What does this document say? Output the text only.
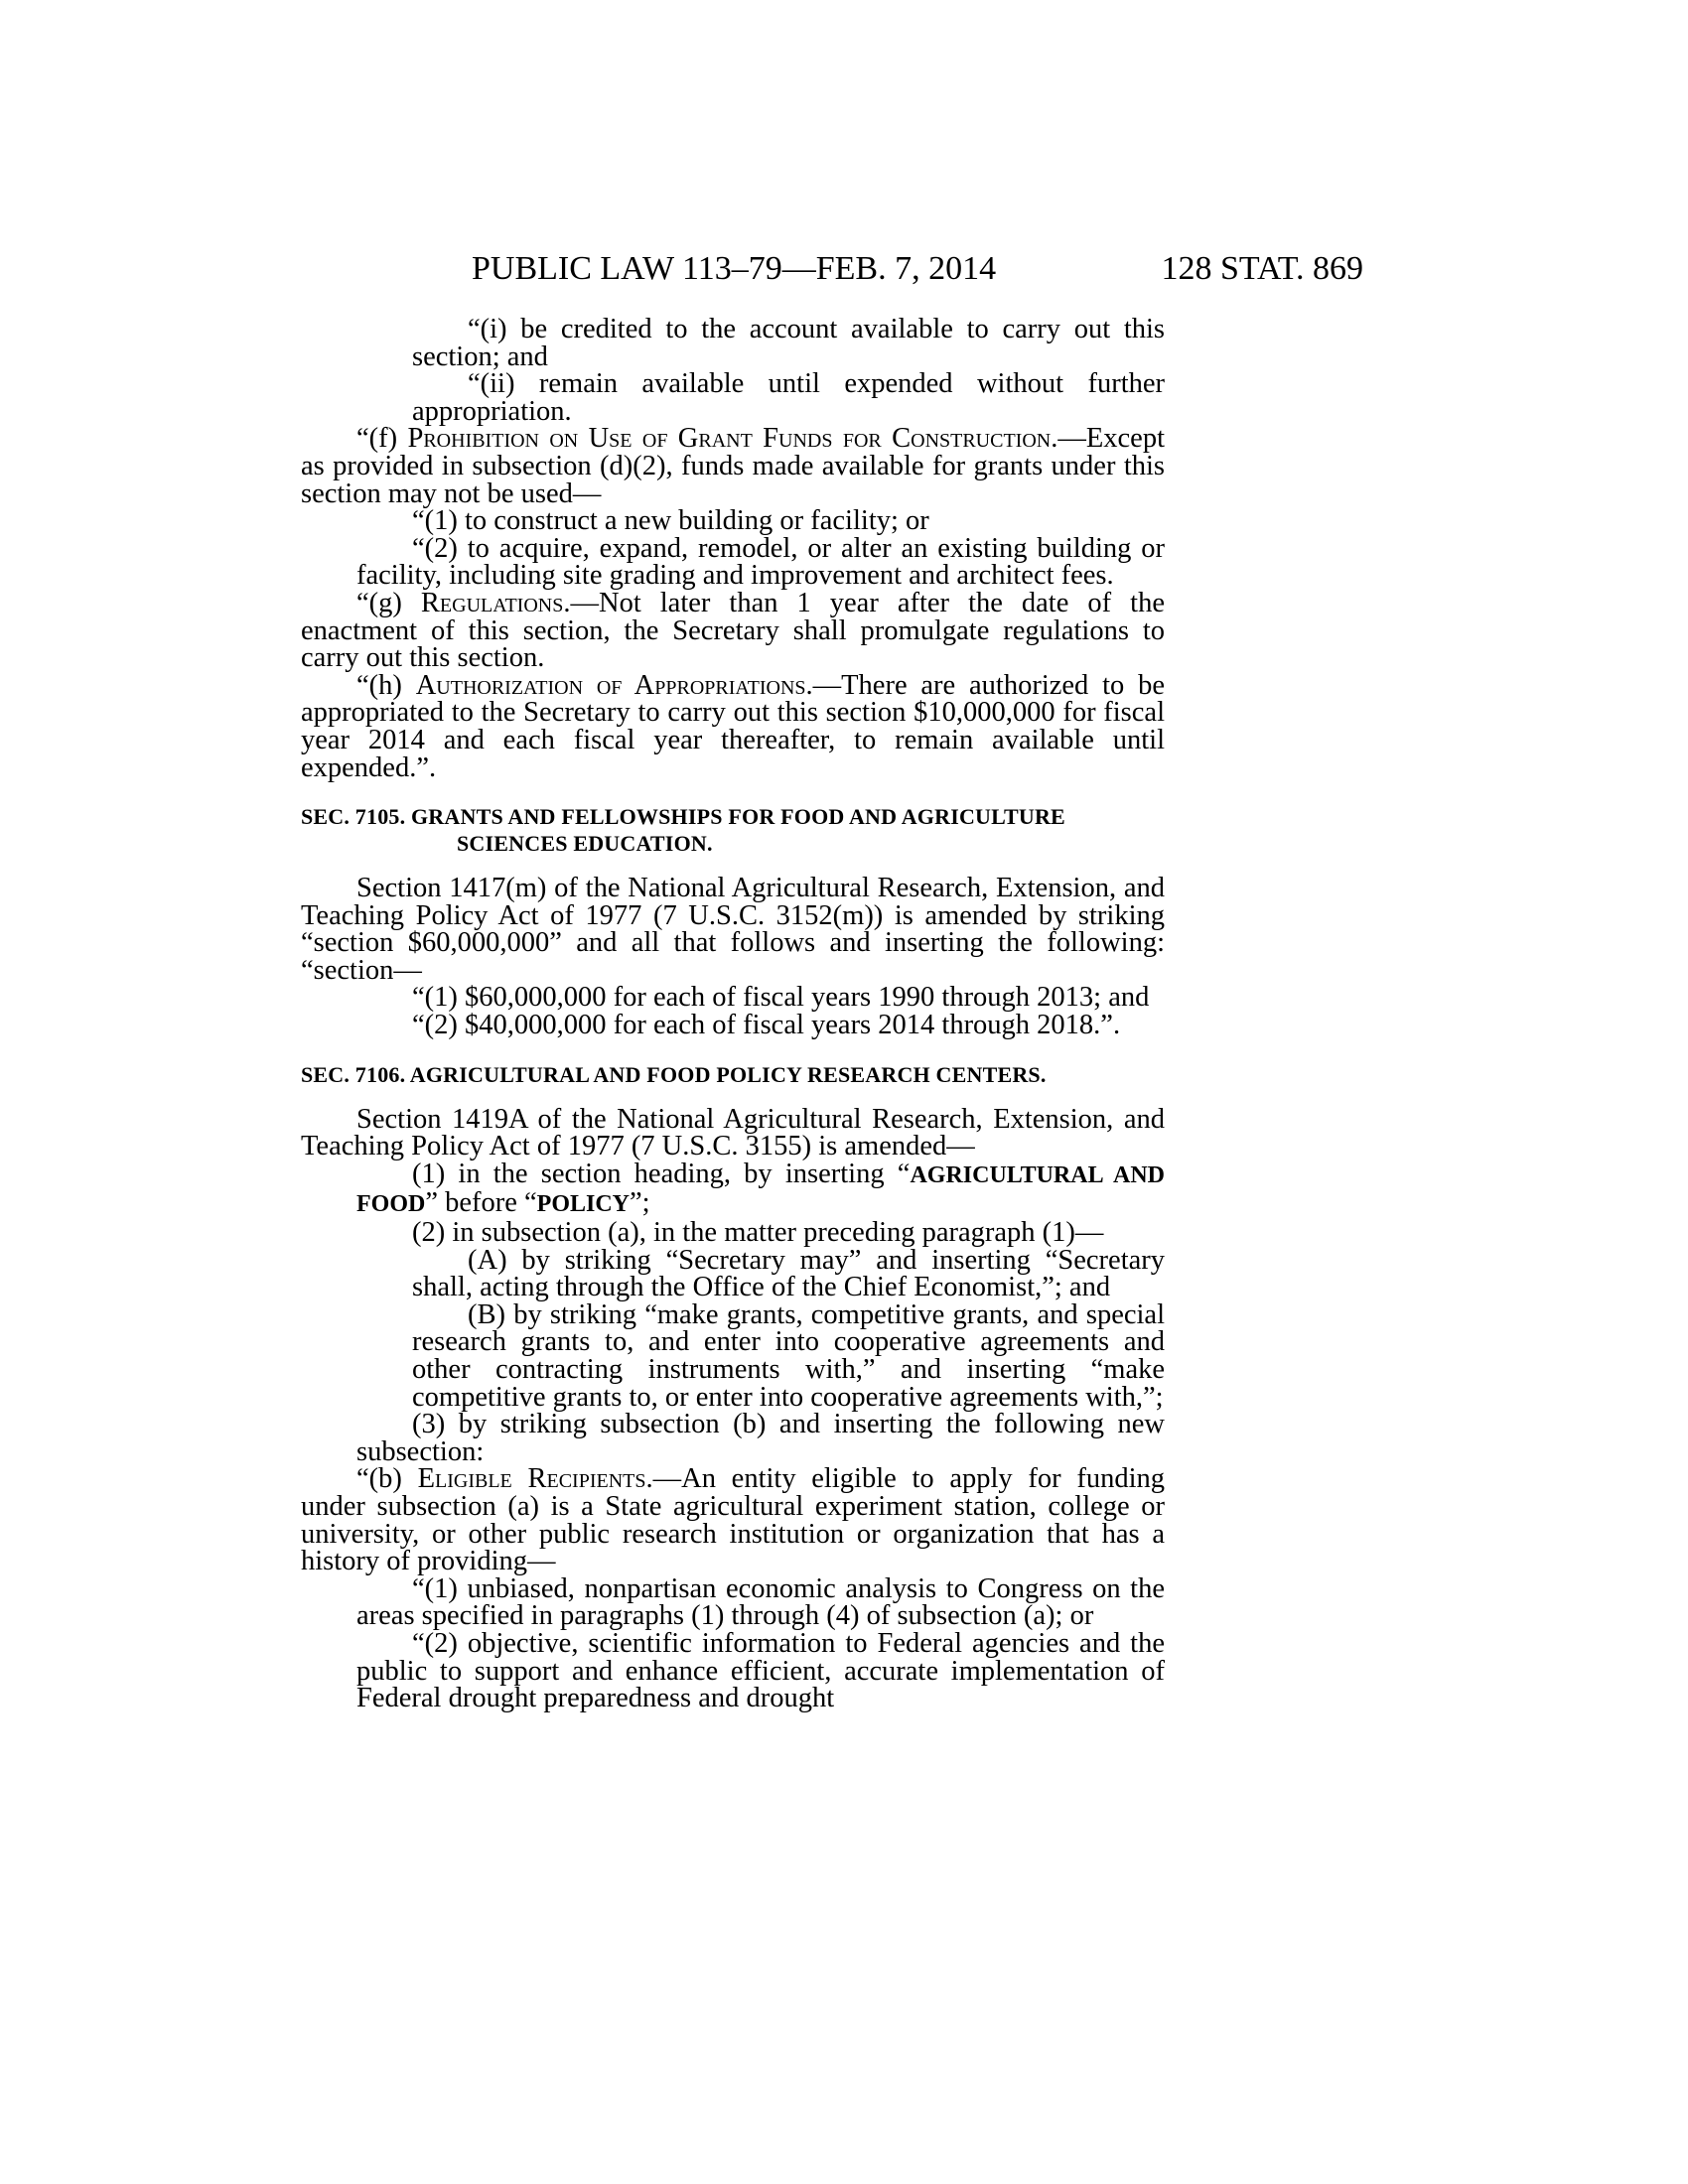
PUBLIC LAW 113–79—FEB. 7, 2014	128 STAT. 869

“(i) be credited to the account available to carry out this section; and

“(ii) remain available until expended without further appropriation.

“(f) Prohibition on Use of Grant Funds for Construction.—Except as provided in subsection (d)(2), funds made available for grants under this section may not be used—

“(1) to construct a new building or facility; or

“(2) to acquire, expand, remodel, or alter an existing building or facility, including site grading and improvement and architect fees.

“(g) Regulations.—Not later than 1 year after the date of the enactment of this section, the Secretary shall promulgate regulations to carry out this section.

“(h) Authorization of Appropriations.—There are authorized to be appropriated to the Secretary to carry out this section $10,000,000 for fiscal year 2014 and each fiscal year thereafter, to remain available until expended.”.

SEC. 7105. GRANTS AND FELLOWSHIPS FOR FOOD AND AGRICULTURE SCIENCES EDUCATION.

Section 1417(m) of the National Agricultural Research, Extension, and Teaching Policy Act of 1977 (7 U.S.C. 3152(m)) is amended by striking “section $60,000,000” and all that follows and inserting the following: “section—

“(1) $60,000,000 for each of fiscal years 1990 through 2013; and

“(2) $40,000,000 for each of fiscal years 2014 through 2018.”.

SEC. 7106. AGRICULTURAL AND FOOD POLICY RESEARCH CENTERS.

Section 1419A of the National Agricultural Research, Extension, and Teaching Policy Act of 1977 (7 U.S.C. 3155) is amended—

(1) in the section heading, by inserting “AGRICULTURAL AND FOOD” before “POLICY”;

(2) in subsection (a), in the matter preceding paragraph (1)—

(A) by striking “Secretary may” and inserting “Secretary shall, acting through the Office of the Chief Economist,”; and

(B) by striking “make grants, competitive grants, and special research grants to, and enter into cooperative agreements and other contracting instruments with,” and inserting “make competitive grants to, or enter into cooperative agreements with,”;

(3) by striking subsection (b) and inserting the following new subsection:

“(b) Eligible Recipients.—An entity eligible to apply for funding under subsection (a) is a State agricultural experiment station, college or university, or other public research institution or organization that has a history of providing—

“(1) unbiased, nonpartisan economic analysis to Congress on the areas specified in paragraphs (1) through (4) of subsection (a); or

“(2) objective, scientific information to Federal agencies and the public to support and enhance efficient, accurate implementation of Federal drought preparedness and drought
